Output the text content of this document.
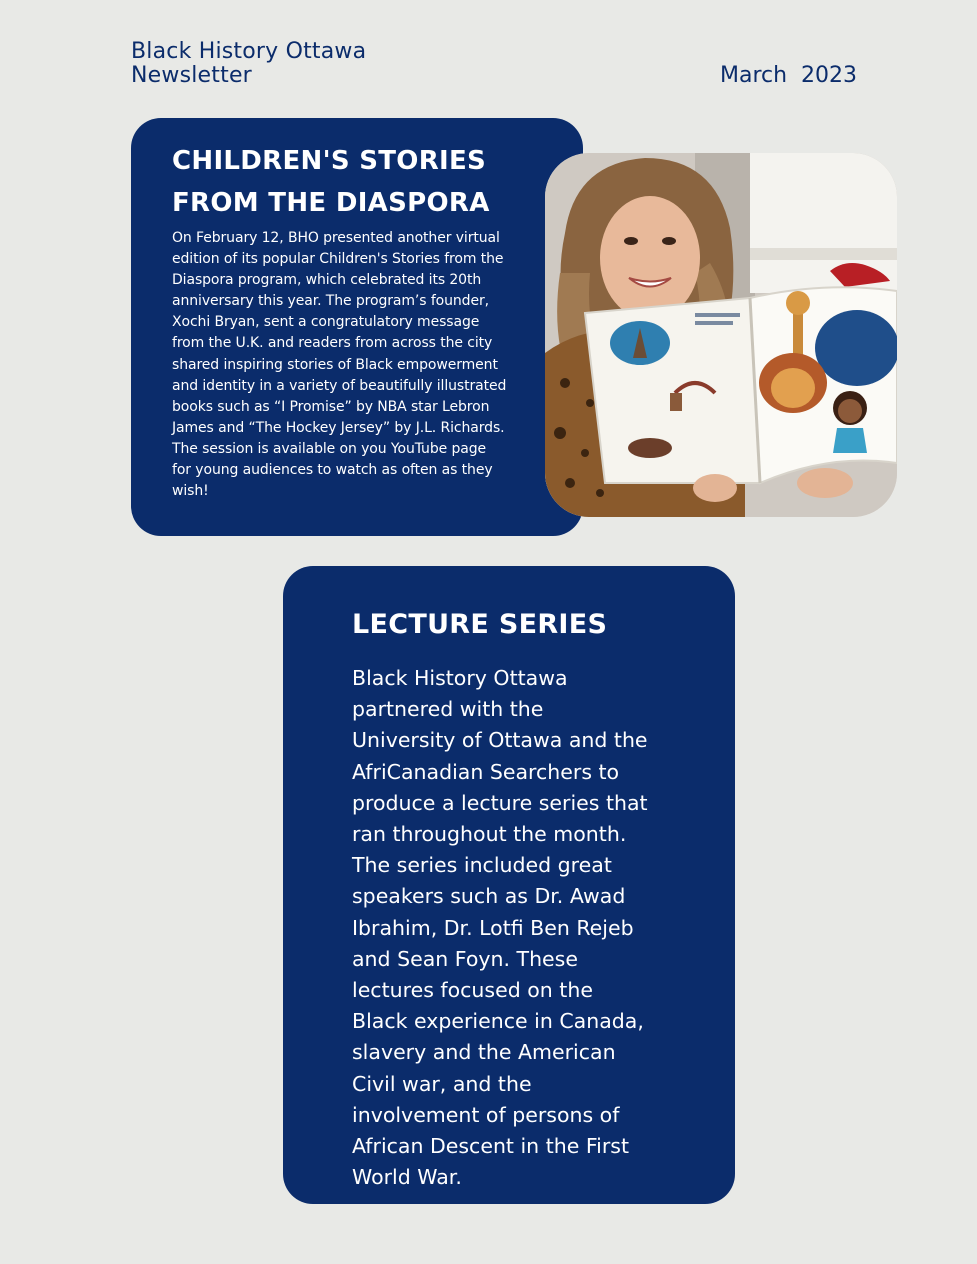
Black History Ottawa
Newsletter	March  2023
CHILDREN'S STORIES FROM THE DIASPORA

On February 12, BHO presented another virtual edition of its popular Children's Stories from the Diaspora program, which celebrated its 20th anniversary this year. The program’s founder, Xochi Bryan, sent a congratulatory message from the U.K. and readers from across the city shared inspiring stories of Black empowerment and identity in a variety of beautifully illustrated books such as “I Promise” by NBA star Lebron James and “The Hockey Jersey” by J.L. Richards. The session is available on you YouTube page for young audiences to watch as often as they wish!

LECTURE SERIES

Black History Ottawa partnered with the University of Ottawa and the AfriCanadian Searchers to produce a lecture series that ran throughout the month. The series included great speakers such as Dr. Awad Ibrahim, Dr. Lotfi Ben Rejeb and Sean Foyn. These lectures focused on the Black experience in Canada, slavery and the American Civil war, and the involvement of persons of African Descent in the First World War.
